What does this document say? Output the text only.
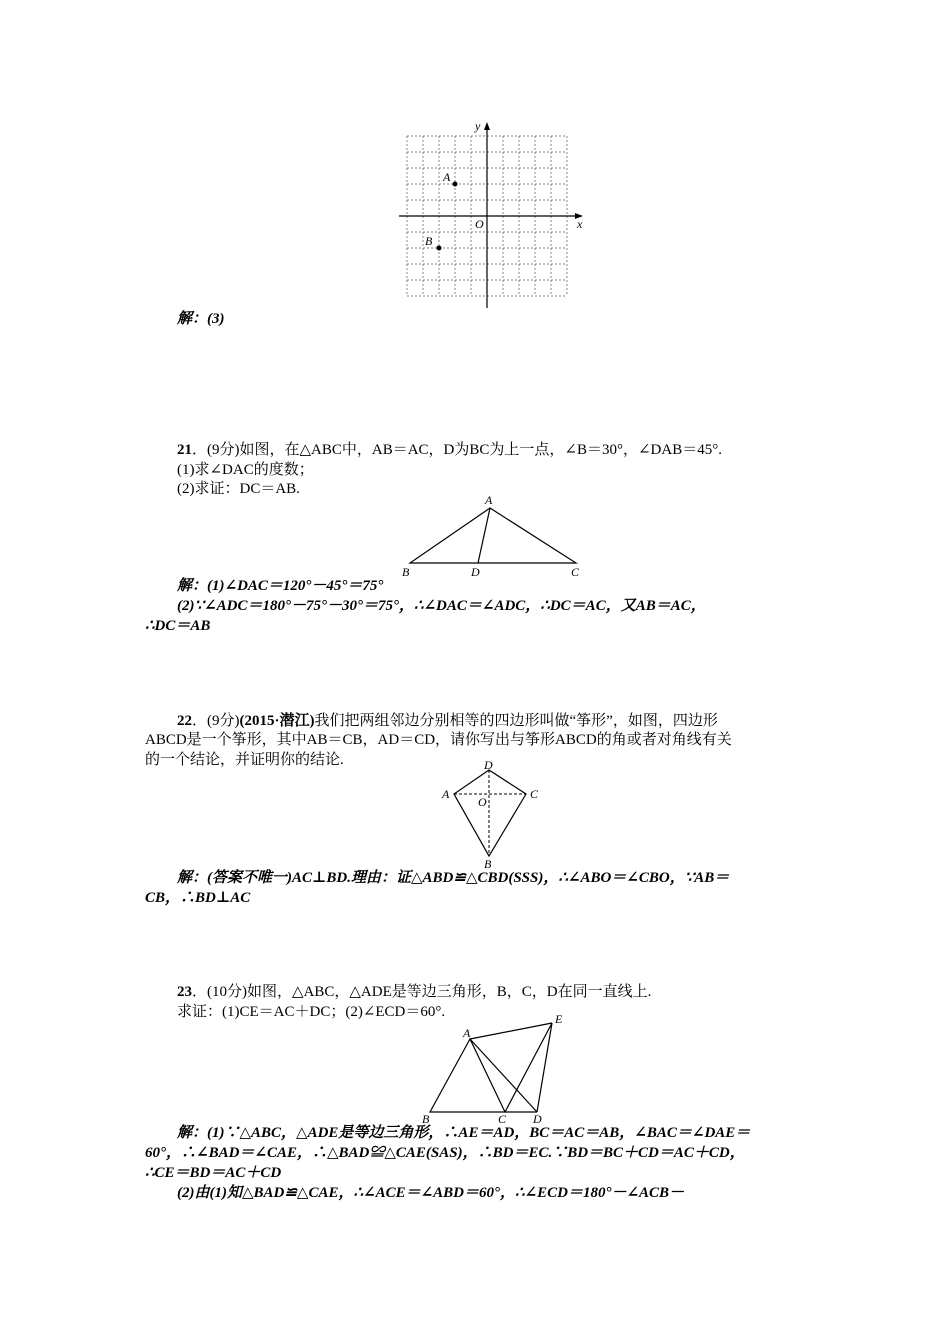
y
x
O
A
B
解：(3)
21．(9分)如图，在△ABC中，AB＝AC，D为BC为上一点，∠B＝30°，∠DAB＝45°.
(1)求∠DAC的度数；
(2)求证：DC＝AB.
A
B	D	C
解：(1)∠DAC＝120°－45°＝75°
(2)∵∠ADC＝180°－75°－30°＝75°，∴∠DAC＝∠ADC，∴DC＝AC，又AB＝AC，
∴DC＝AB
22．(9分)(2015·潜江)我们把两组邻边分别相等的四边形叫做“筝形”，如图，四边形
ABCD是一个筝形，其中AB＝CB，AD＝CD，请你写出与筝形ABCD的角或者对角线有关
的一个结论，并证明你的结论.	D
A	C
O
B
解：(答案不唯一)AC⊥BD.理由：证△ABD≌△CBD(SSS)，∴∠ABO＝∠CBO，∵AB＝
CB，∴BD⊥AC
23．(10分)如图，△ABC，△ADE是等边三角形，B，C，D在同一直线上.
求证：(1)CE＝AC＋DC；(2)∠ECD＝60°.
A
E
B	C D
解：(1)∵△ABC，△ADE是等边三角形，∴AE＝AD，BC＝AC＝AB，∠BAC＝∠DAE＝
60°，∴∠BAD＝∠CAE，∴△BAD≌△CAE(SAS)，∴BD＝EC.∵BD＝BC＋CD＝AC＋CD，
∴CE＝BD＝AC＋CD
(2)由(1)知△BAD≌△CAE，∴∠ACE＝∠ABD＝60°，∴∠ECD＝180°－∠ACB－
